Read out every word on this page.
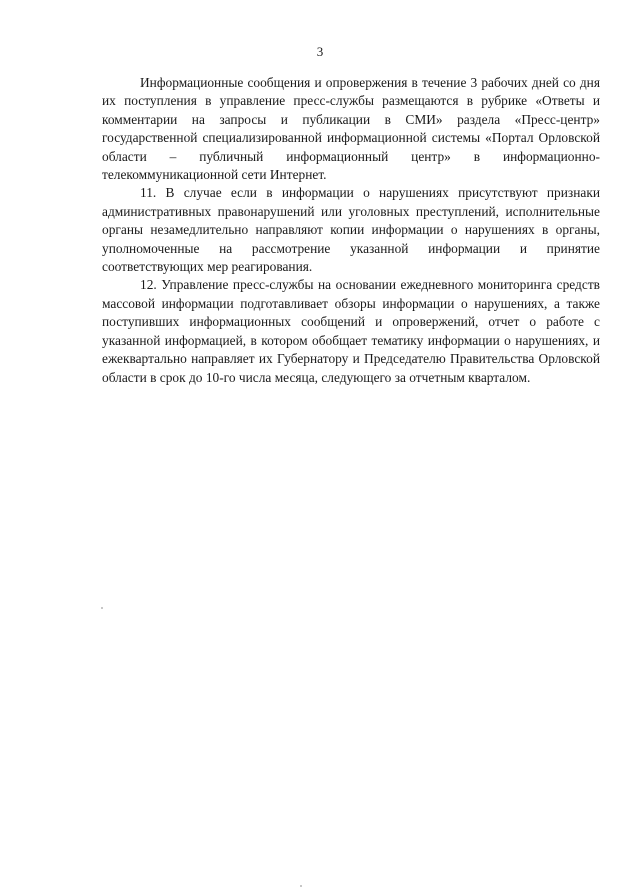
3

Информационные сообщения и опровержения в течение 3 рабочих дней со дня их поступления в управление пресс-службы размещаются в рубрике «Ответы и комментарии на запросы и публикации в СМИ» раздела «Пресс-центр» государственной специализированной информационной системы «Портал Орловской области – публичный информационный центр» в информационно-телекоммуникационной сети Интернет.

11. В случае если в информации о нарушениях присутствуют признаки административных правонарушений или уголовных преступлений, исполнительные органы незамедлительно направляют копии информации о нарушениях в органы, уполномоченные на рассмотрение указанной информации и принятие соответствующих мер реагирования.

12. Управление пресс-службы на основании ежедневного мониторинга средств массовой информации подготавливает обзоры информации о нарушениях, а также поступивших информационных сообщений и опровержений, отчет о работе с указанной информацией, в котором обобщает тематику информации о нарушениях, и ежеквартально направляет их Губернатору и Председателю Правительства Орловской области в срок до 10-го числа месяца, следующего за отчетным кварталом.
